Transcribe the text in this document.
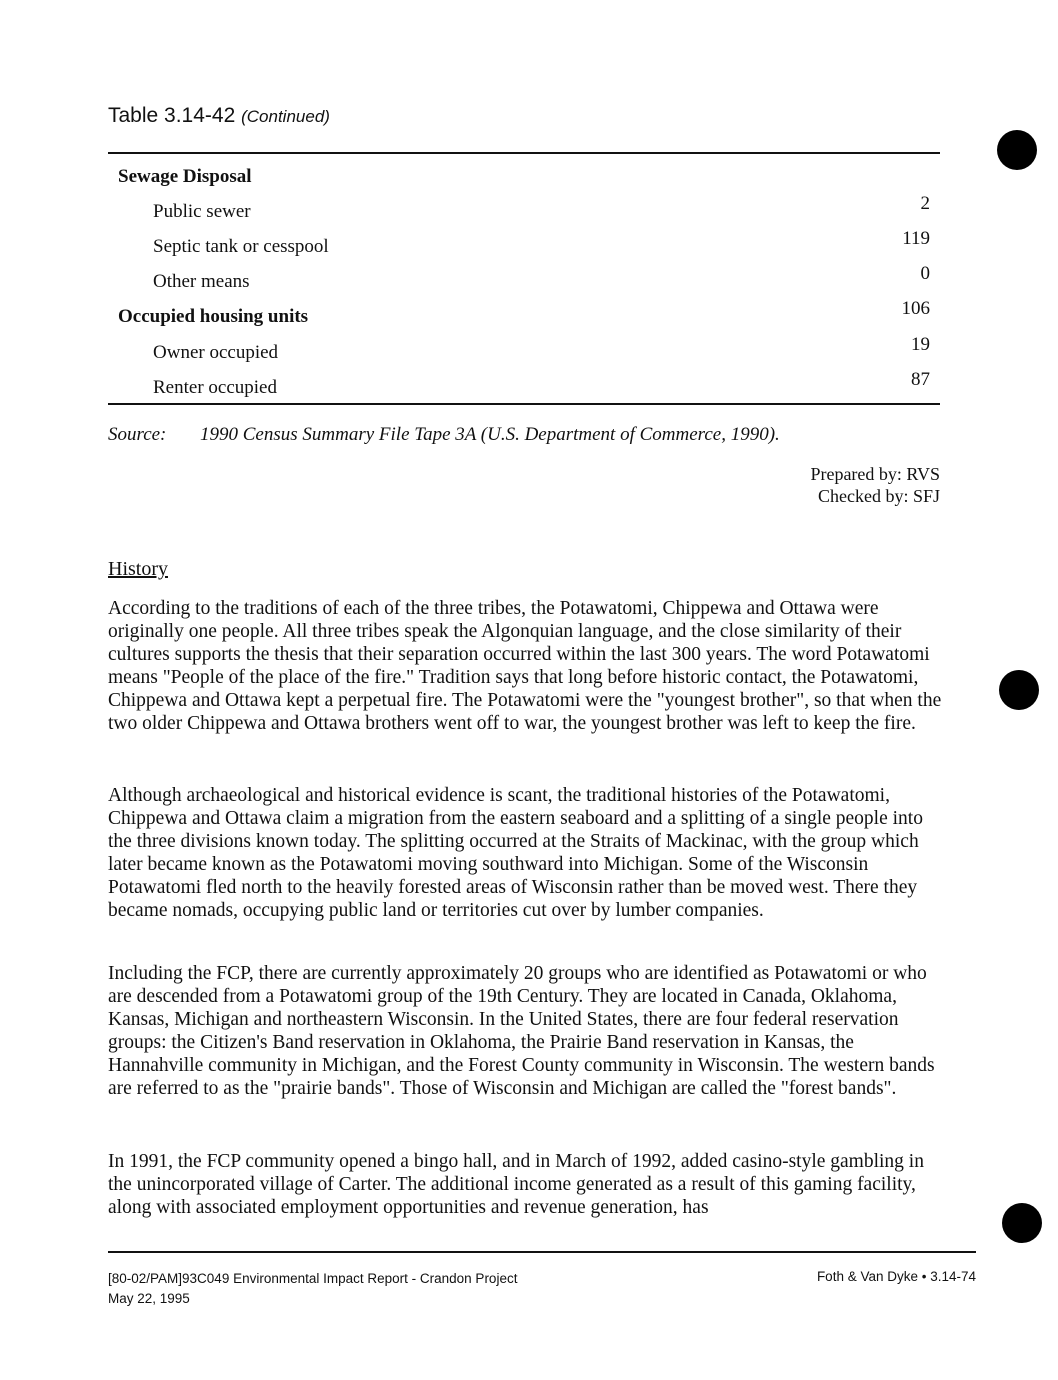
Table 3.14-42 (Continued)
Sewage Disposal
Public sewer	2
Septic tank or cesspool	119
Other means	0
Occupied housing units	106
Owner occupied	19
Renter occupied	87
Source: 1990 Census Summary File Tape 3A (U.S. Department of Commerce, 1990).
Prepared by: RVS
Checked by: SFJ
History

According to the traditions of each of the three tribes, the Potawatomi, Chippewa and Ottawa were originally one people. All three tribes speak the Algonquian language, and the close similarity of their cultures supports the thesis that their separation occurred within the last 300 years. The word Potawatomi means "People of the place of the fire." Tradition says that long before historic contact, the Potawatomi, Chippewa and Ottawa kept a perpetual fire. The Potawatomi were the "youngest brother", so that when the two older Chippewa and Ottawa brothers went off to war, the youngest brother was left to keep the fire.

Although archaeological and historical evidence is scant, the traditional histories of the Potawatomi, Chippewa and Ottawa claim a migration from the eastern seaboard and a splitting of a single people into the three divisions known today. The splitting occurred at the Straits of Mackinac, with the group which later became known as the Potawatomi moving southward into Michigan. Some of the Wisconsin Potawatomi fled north to the heavily forested areas of Wisconsin rather than be moved west. There they became nomads, occupying public land or territories cut over by lumber companies.

Including the FCP, there are currently approximately 20 groups who are identified as Potawatomi or who are descended from a Potawatomi group of the 19th Century. They are located in Canada, Oklahoma, Kansas, Michigan and northeastern Wisconsin. In the United States, there are four federal reservation groups: the Citizen's Band reservation in Oklahoma, the Prairie Band reservation in Kansas, the Hannahville community in Michigan, and the Forest County community in Wisconsin. The western bands are referred to as the "prairie bands". Those of Wisconsin and Michigan are called the "forest bands".

In 1991, the FCP community opened a bingo hall, and in March of 1992, added casino-style gambling in the unincorporated village of Carter. The additional income generated as a result of this gaming facility, along with associated employment opportunities and revenue generation, has

[80-02/PAM]93C049 Environmental Impact Report - Crandon Project
May 22, 1995
Foth & Van Dyke • 3.14-74
